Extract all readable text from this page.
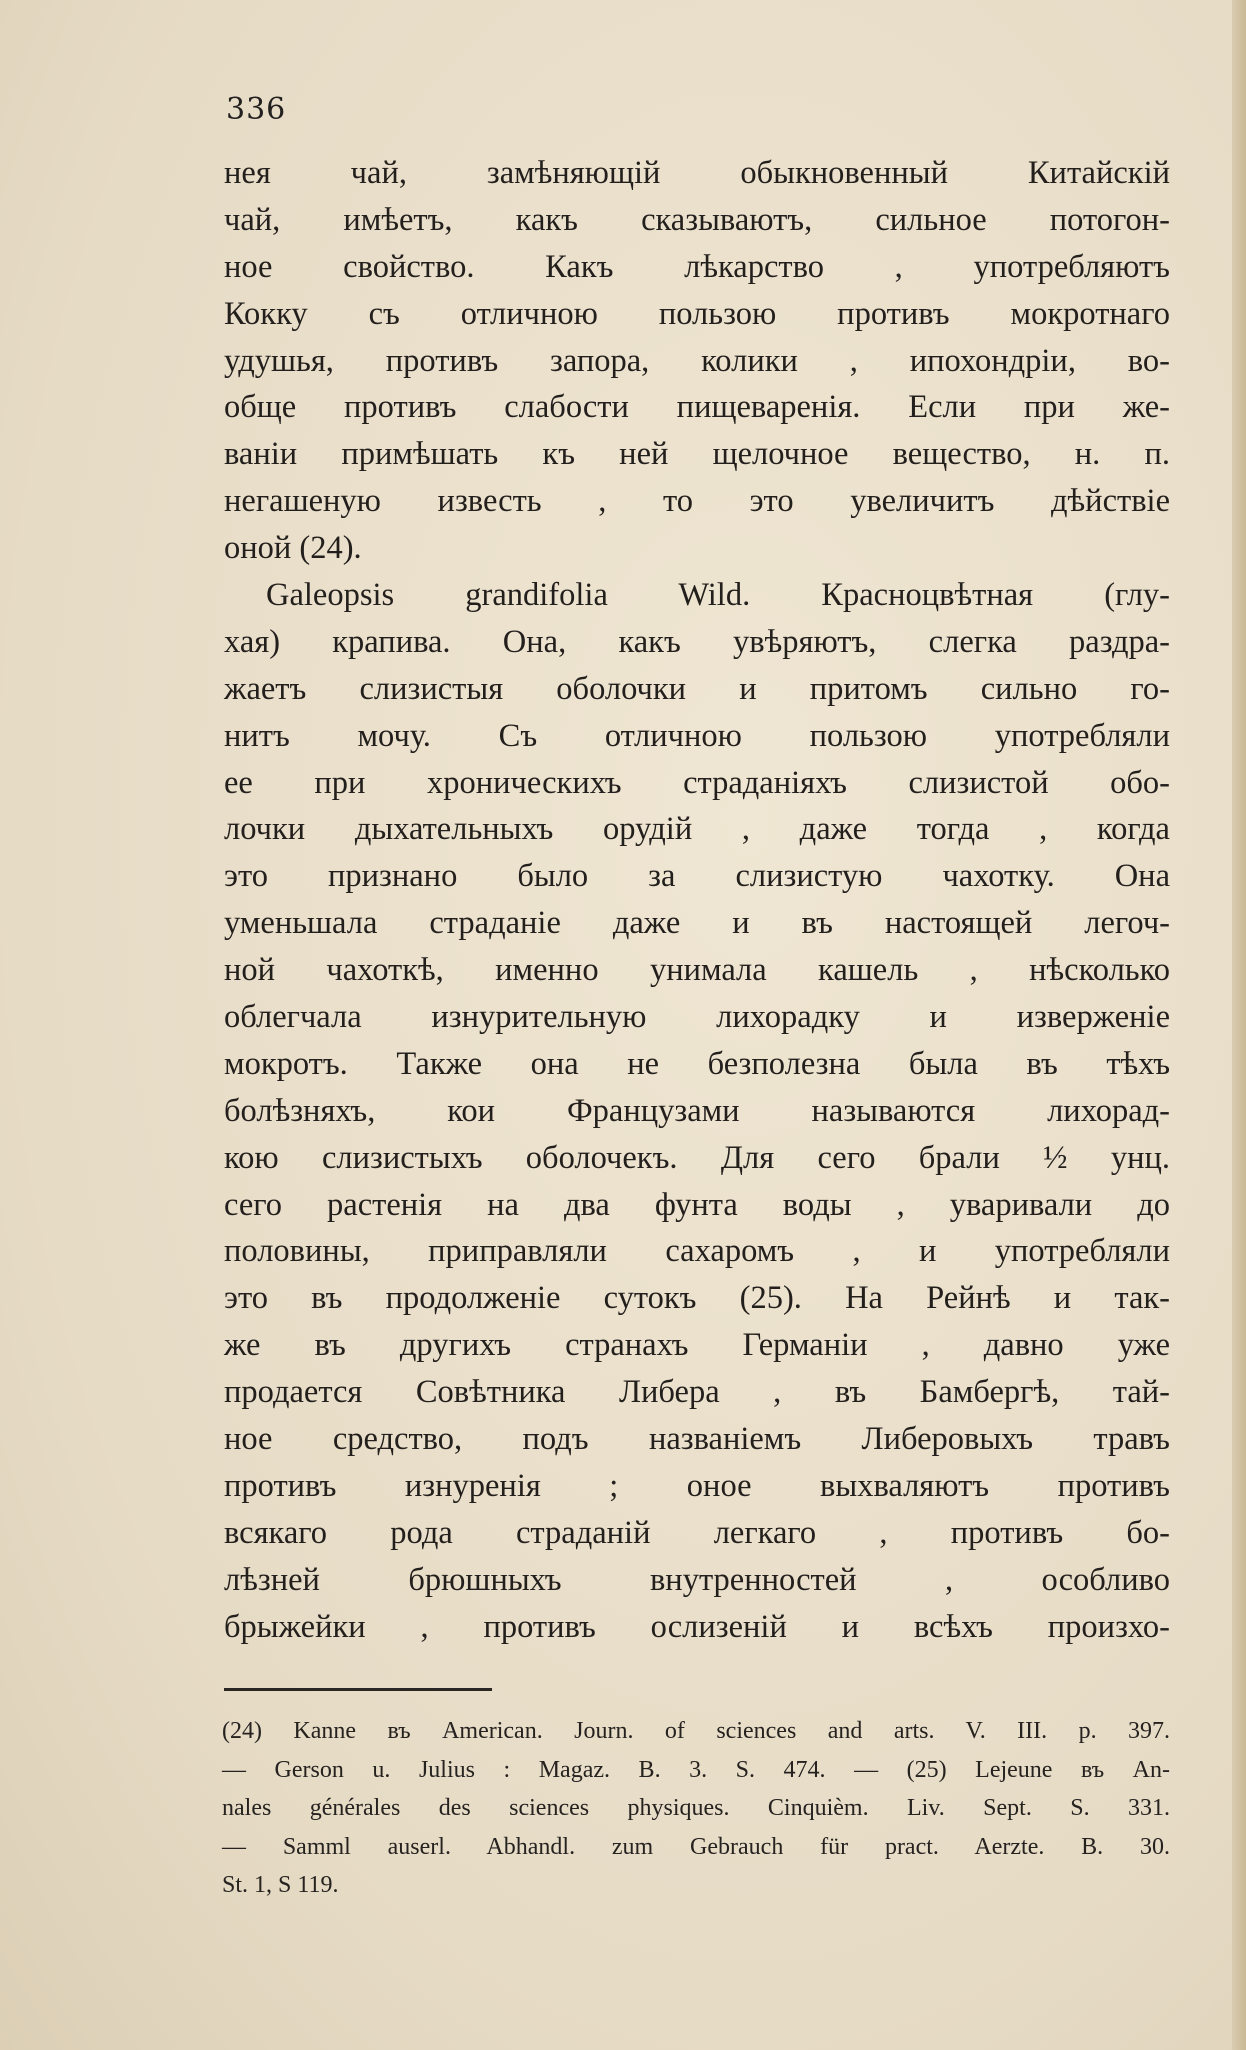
336
нея чай, замѣняющій обыкновенный Китайскій
чай, имѣетъ, какъ сказываютъ, сильное потогон-
ное свойство. Какъ лѣкарство , употребляютъ
Кокку съ отличною пользою противъ мокротнаго
удушья, противъ запора, колики , ипохондріи, во-
обще противъ слабости пищеваренія. Если при же-
ваніи примѣшать къ ней щелочное вещество, н. п.
негашеную известь , то это увеличитъ дѣйствіе
оной (24).
Galeopsis grandifolia Wild. Красноцвѣтная (глу-
хая) крапива. Она, какъ увѣряютъ, слегка раздра-
жаетъ слизистыя оболочки и притомъ сильно го-
нитъ мочу. Съ отличною пользою употребляли
ее при хроническихъ страданіяхъ слизистой обо-
лочки дыхательныхъ орудій , даже тогда , когда
это признано было за слизистую чахотку. Она
уменьшала страданіе даже и въ настоящей легоч-
ной чахоткѣ, именно унимала кашель , нѣсколько
облегчала изнурительную лихорадку и изверженіе
мокротъ. Также она не безполезна была въ тѣхъ
болѣзняхъ, кои Французами называются лихорад-
кою слизистыхъ оболочекъ. Для сего брали ½ унц.
сего растенія на два фунта воды , уваривали до
половины, приправляли сахаромъ , и употребляли
это въ продолженіе сутокъ (25). На Рейнѣ и так-
же въ другихъ странахъ Германіи , давно уже
продается Совѣтника Либера , въ Бамбергѣ, тай-
ное средство, подъ названіемъ Либеровыхъ травъ
противъ изнуренія ; оное выхваляютъ противъ
всякаго рода страданій легкаго , противъ бо-
лѣзней брюшныхъ внутренностей , особливо
брыжейки , противъ ослизеній и всѣхъ произхо-
(24) Kanne въ American. Journ. of sciences and arts. V. III. p. 397.
— Gerson u. Julius : Magaz. B. 3. S. 474. — (25) Lejeune въ An-
nales générales des sciences physiques. Cinquièm. Liv. Sept. S. 331.
— Samml auserl. Abhandl. zum Gebrauch für pract. Aerzte. B. 30.
St. 1, S 119.
